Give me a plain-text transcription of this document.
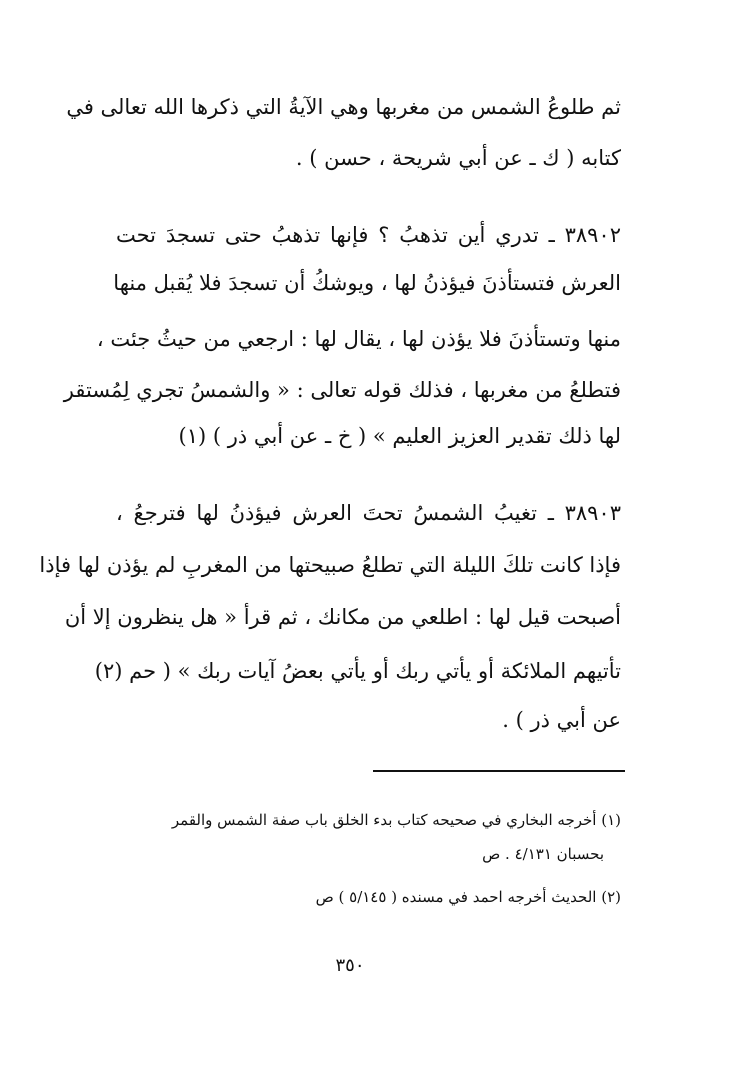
ثم طلوعُ الشمس من مغربها وهي الآيةُ التي ذكرها الله تعالى في
كتابه ( ك ـ عن أبي شريحة ، حسن ) .
٣٨٩٠٢ ـ تدري أين تذهبُ ؟ فإنها تذهبُ حتى تسجدَ تحت
العرش فتستأذنَ فيؤذنُ لها ، ويوشكُ أن تسجدَ فلا يُقبل منها
منها وتستأذنَ فلا يؤذن لها ، يقال لها : ارجعي من حيثُ جئت ،
فتطلعُ من مغربها ، فذلك قوله تعالى : « والشمسُ تجري لِمُستقر
لها ذلك تقدير العزيز العليم » ( خ ـ عن أبي ذر ) (١)
٣٨٩٠٣ ـ تغيبُ الشمسُ تحتَ العرش فيؤذنُ لها فترجعُ ،
فإذا كانت تلكَ الليلة التي تطلعُ صبيحتها من المغربِ لم يؤذن لها فإذا
أصبحت قيل لها : اطلعي من مكانك ، ثم قرأ « هل ينظرون إلا أن
تأتيهم الملائكة أو يأتي ربك أو يأتي بعضُ آيات ربك » ( حم (٢)
عن أبي ذر ) .
(١) أخرجه البخاري في صحيحه كتاب بدء الخلق باب صفة الشمس والقمر
بحسبان ٤/١٣١ . ص
(٢) الحديث أخرجه احمد في مسنده ( ٥/١٤٥ ) ص
٣٥٠
